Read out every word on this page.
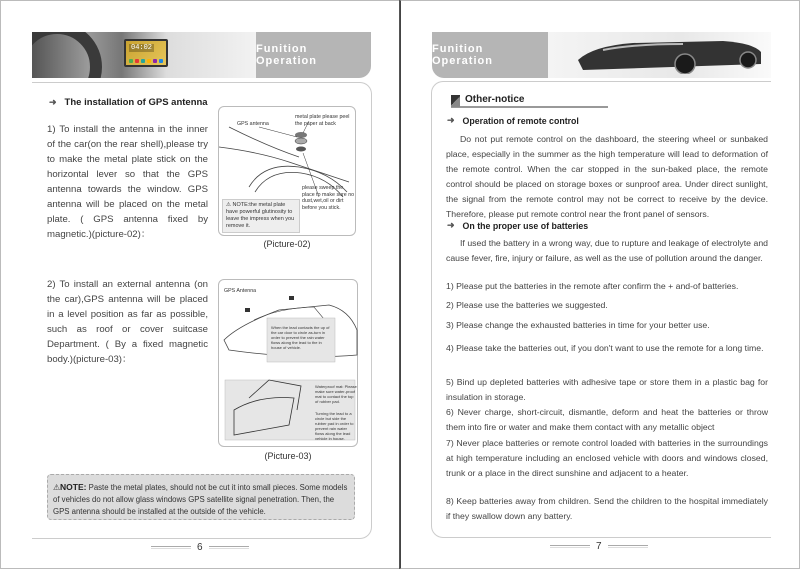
04:02	Funition Operation
➜ The installation of GPS antenna
1) To install the antenna in the inner of the car(on the rear shell),please try to make the metal plate stick on the horizontal lever so that the GPS antenna towards the window. GPS antenna will be placed on the metal plate. ( GPS antenna fixed by magnetic.)(picture-02)：
GPS antenna
metal plate please peel the paper at back
please sweep the place to make sure no dust,wet,oil or dirt before you stick.
⚠ NOTE:the metal plate have powerful glutinosity to leave the impress when you remove it.
(Picture-02)
2) To install an external antenna (on the car),GPS antenna will be placed in a level position as far as possible, such as roof or cover suitcase Department. ( By a fixed magnetic body.)(picture-03)：
GPS Antenna
When the lead contacts the up of the car door to circle as-turn in order to prevent the rain water flows along the lead to the in house of vehicle.
Waterproof mat: Please make sure water-proof mat to contact the top of rubber pad.
Turning the lead to a circle but side the rubber pad in order to prevent rain water flows along the lead vehicle in house.
(Picture-03)
⚠NOTE: Paste the metal plates, should not be cut it into small pieces. Some models of vehicles do not allow glass windows GPS satellite signal penetration. Then, the GPS antenna should be installed at the outside of the vehicle.
6
Funition Operation
Other-notice
➜ Operation of remote control
Do not put remote control on the dashboard, the steering wheel or sunbaked place, especially in the summer as the high temperature will lead to deformation of the remote control. When the car stopped in the sun-baked place, the remote control should be placed on storage boxes or sunproof area. Under direct sunlight, the signal from the remote control may not be correct to receive by the device. Therefore, please put remote control near the front panel of sensors.
➜ On the proper use of batteries
If used the battery in a wrong way, due to rupture and leakage of electrolyte and cause fever, fire, injury or failure, as well as the use of pollution around the danger.
1) Please put the batteries in the remote after confirm the + and-of batteries.
2) Please use the batteries we suggested.
3) Please change the exhausted batteries in time for your better use.
4) Please take the batteries out, if you don't want to use the remote for a long time.
5) Bind up depleted batteries with adhesive tape or store them in a plastic bag for insulation in storage.
6) Never charge, short-circuit, dismantle, deform and heat the batteries or throw them into fire or water and make them contact with any metallic object
7) Never place batteries or remote control loaded with batteries in the surroundings at high temperature including an enclosed vehicle with doors and windows closed, trunk or a place in the direct sunshine and adjacent to a heater.
8) Keep batteries away from children. Send the children to the hospital immediately if they swallow down any battery.
7
